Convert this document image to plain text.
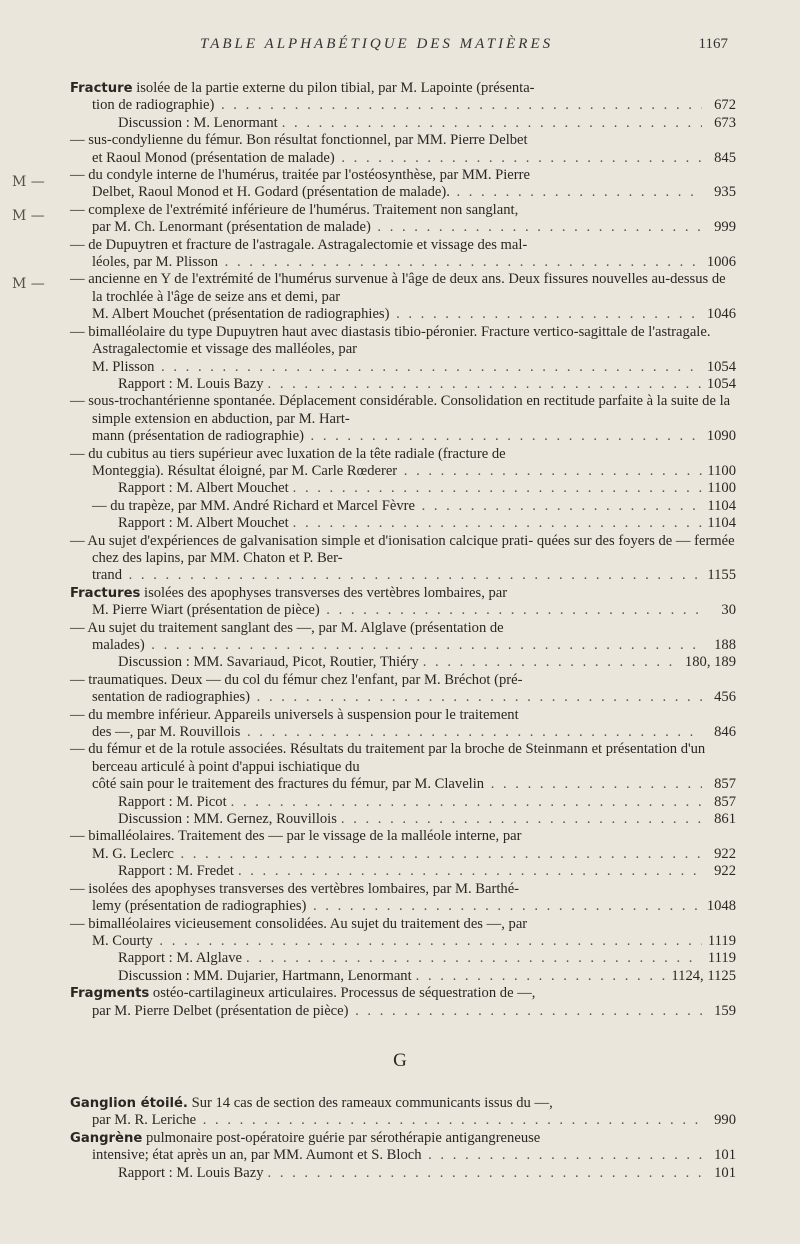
TABLE ALPHABÉTIQUE DES MATIÈRES	1167
M —
M —
M —
Fracture isolée de la partie externe du pilon tibial, par M. Lapointe (présenta-
tion de radiographie) . . .	672
Discussion : M. Lenormant . . .	673
— sus-condylienne du fémur. Bon résultat fonctionnel, par MM. Pierre Delbet
et Raoul Monod (présentation de malade) . . .	845
— du condyle interne de l'humérus, traitée par l'ostéosynthèse, par MM. Pierre
Delbet, Raoul Monod et H. Godard (présentation de malade). . . .	935
— complexe de l'extrémité inférieure de l'humérus. Traitement non sanglant,
par M. Ch. Lenormant (présentation de malade) . . .	999
— de Dupuytren et fracture de l'astragale. Astragalectomie et vissage des mal-
léoles, par M. Plisson . . .	1006
— ancienne en Y de l'extrémité de l'humérus survenue à l'âge de deux ans. Deux fissures nouvelles au-dessus de la trochlée à l'âge de seize ans et demi, par
M. Albert Mouchet (présentation de radiographies) . . .	1046
— bimalléolaire du type Dupuytren haut avec diastasis tibio-péronier. Fracture vertico-sagittale de l'astragale. Astragalectomie et vissage des malléoles, par
M. Plisson . . .	1054
Rapport : M. Louis Bazy . . .	1054
— sous-trochantérienne spontanée. Déplacement considérable. Consolidation en rectitude parfaite à la suite de la simple extension en abduction, par M. Hart-
mann (présentation de radiographie) . . .	1090
— du cubitus au tiers supérieur avec luxation de la tête radiale (fracture de
Monteggia). Résultat éloigné, par M. Carle Rœderer . . .	1100
Rapport : M. Albert Mouchet . . .	1100
— du trapèze, par MM. André Richard et Marcel Fèvre . . .	1104
Rapport : M. Albert Mouchet . . .	1104
— Au sujet d'expériences de galvanisation simple et d'ionisation calcique prati- quées sur des foyers de — fermée chez des lapins, par MM. Chaton et P. Ber-
trand . . .	1155
Fractures isolées des apophyses transverses des vertèbres lombaires, par
M. Pierre Wiart (présentation de pièce) . . .	30
— Au sujet du traitement sanglant des —, par M. Alglave (présentation de
malades) . . .	188
Discussion : MM. Savariaud, Picot, Routier, Thiéry . . .	180, 189
— traumatiques. Deux — du col du fémur chez l'enfant, par M. Bréchot (pré-
sentation de radiographies) . . .	456
— du membre inférieur. Appareils universels à suspension pour le traitement
des —, par M. Rouvillois . . .	846
— du fémur et de la rotule associées. Résultats du traitement par la broche de Steinmann et présentation d'un berceau articulé à point d'appui ischiatique du
côté sain pour le traitement des fractures du fémur, par M. Clavelin . . .	857
Rapport : M. Picot . . .	857
Discussion : MM. Gernez, Rouvillois . . .	861
— bimalléolaires. Traitement des — par le vissage de la malléole interne, par
M. G. Leclerc . . .	922
Rapport : M. Fredet . . .	922
— isolées des apophyses transverses des vertèbres lombaires, par M. Barthé-
lemy (présentation de radiographies) . . .	1048
— bimalléolaires vicieusement consolidées. Au sujet du traitement des —, par
M. Courty . . .	1119
Rapport : M. Alglave . . .	1119
Discussion : MM. Dujarier, Hartmann, Lenormant . . .	1124, 1125
Fragments ostéo-cartilagineux articulaires. Processus de séquestration de —,
par M. Pierre Delbet (présentation de pièce) . . .	159
G
Ganglion étoilé. Sur 14 cas de section des rameaux communicants issus du —,
par M. R. Leriche . . .	990
Gangrène pulmonaire post-opératoire guérie par sérothérapie antigangreneuse
intensive; état après un an, par MM. Aumont et S. Bloch . . .	101
Rapport : M. Louis Bazy . . .	101
